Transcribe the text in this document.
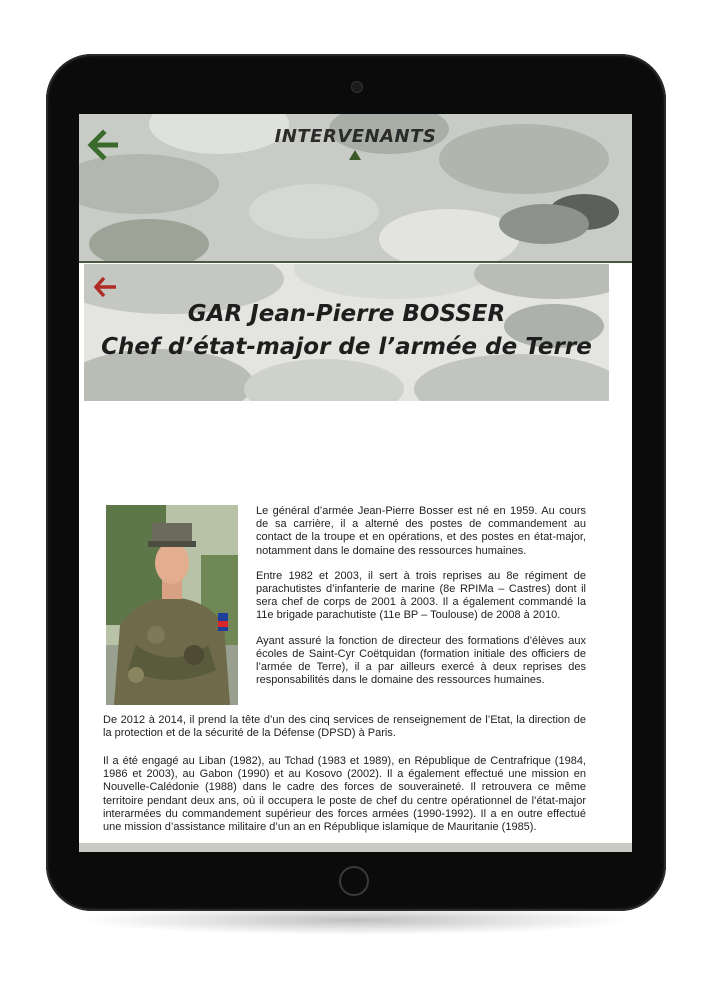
INTERVENANTS
GAR Jean-Pierre BOSSER
Chef d’état-major de l’armée de Terre

Le général d’armée Jean-Pierre Bosser est né en 1959. Au cours de sa carrière, il a alterné des postes de commandement au contact de la troupe et en opérations, et des postes en état-major, notamment dans le domaine des ressources humaines.

Entre 1982 et 2003, il sert à trois reprises au 8e régiment de parachutistes d’infanterie de marine (8e RPIMa – Castres) dont il sera chef de corps de 2001 à 2003. Il a également commandé la 11e brigade parachutiste (11e BP – Toulouse) de 2008 à 2010.

Ayant assuré la fonction de directeur des formations d’élèves aux écoles de Saint-Cyr Coëtquidan (formation initiale des officiers de l’armée de Terre), il a par ailleurs exercé à deux reprises des responsabilités dans le domaine des ressources humaines.

De 2012 à 2014, il prend la tête d’un des cinq services de renseignement de l’Etat, la direction de la protection et de la sécurité de la Défense (DPSD) à Paris.

Il a été engagé au Liban (1982), au Tchad (1983 et 1989), en République de Centrafrique (1984, 1986 et 2003), au Gabon (1990) et au Kosovo (2002). Il a également effectué une mission en Nouvelle-Calédonie (1988) dans le cadre des forces de souveraineté. Il retrouvera ce même territoire pendant deux ans, où il occupera le poste de chef du centre opérationnel de l’état-major interarmées du commandement supérieur des forces armées (1990-1992). Il a en outre effectué une mission d’assistance militaire d’un an en République islamique de Mauritanie (1985).
